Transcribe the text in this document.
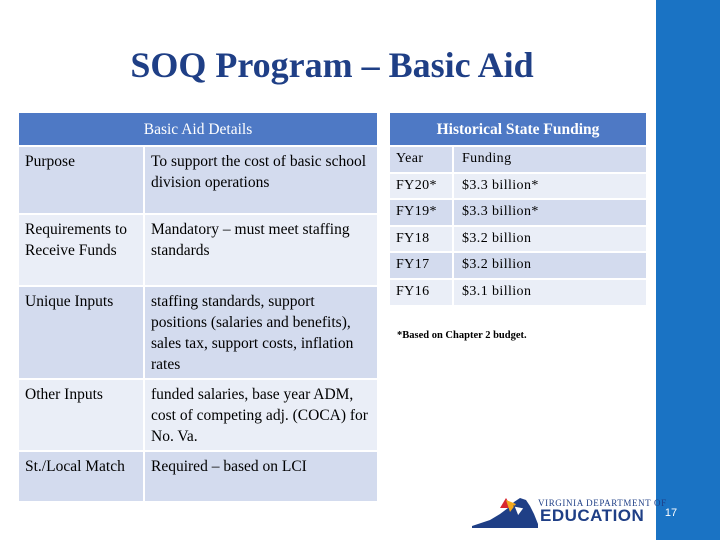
17
SOQ Program – Basic Aid
Basic Aid Details	
Purpose	To support the cost of basic school division operations
Requirements to Receive Funds	Mandatory – must meet staffing standards
Unique Inputs	staffing standards, support positions (salaries and benefits), sales tax, support costs, inflation rates
Other Inputs	funded salaries, base year ADM, cost of competing adj. (COCA) for No. Va.
St./Local Match	Required – based on LCI
Historical State Funding	
Year	Funding
FY20*	$3.3 billion*
FY19*	$3.3 billion*
FY18	$3.2 billion
FY17	$3.2 billion
FY16	$3.1 billion
*Based on Chapter 2 budget.
VIRGINIA DEPARTMENT OF
EDUCATION
